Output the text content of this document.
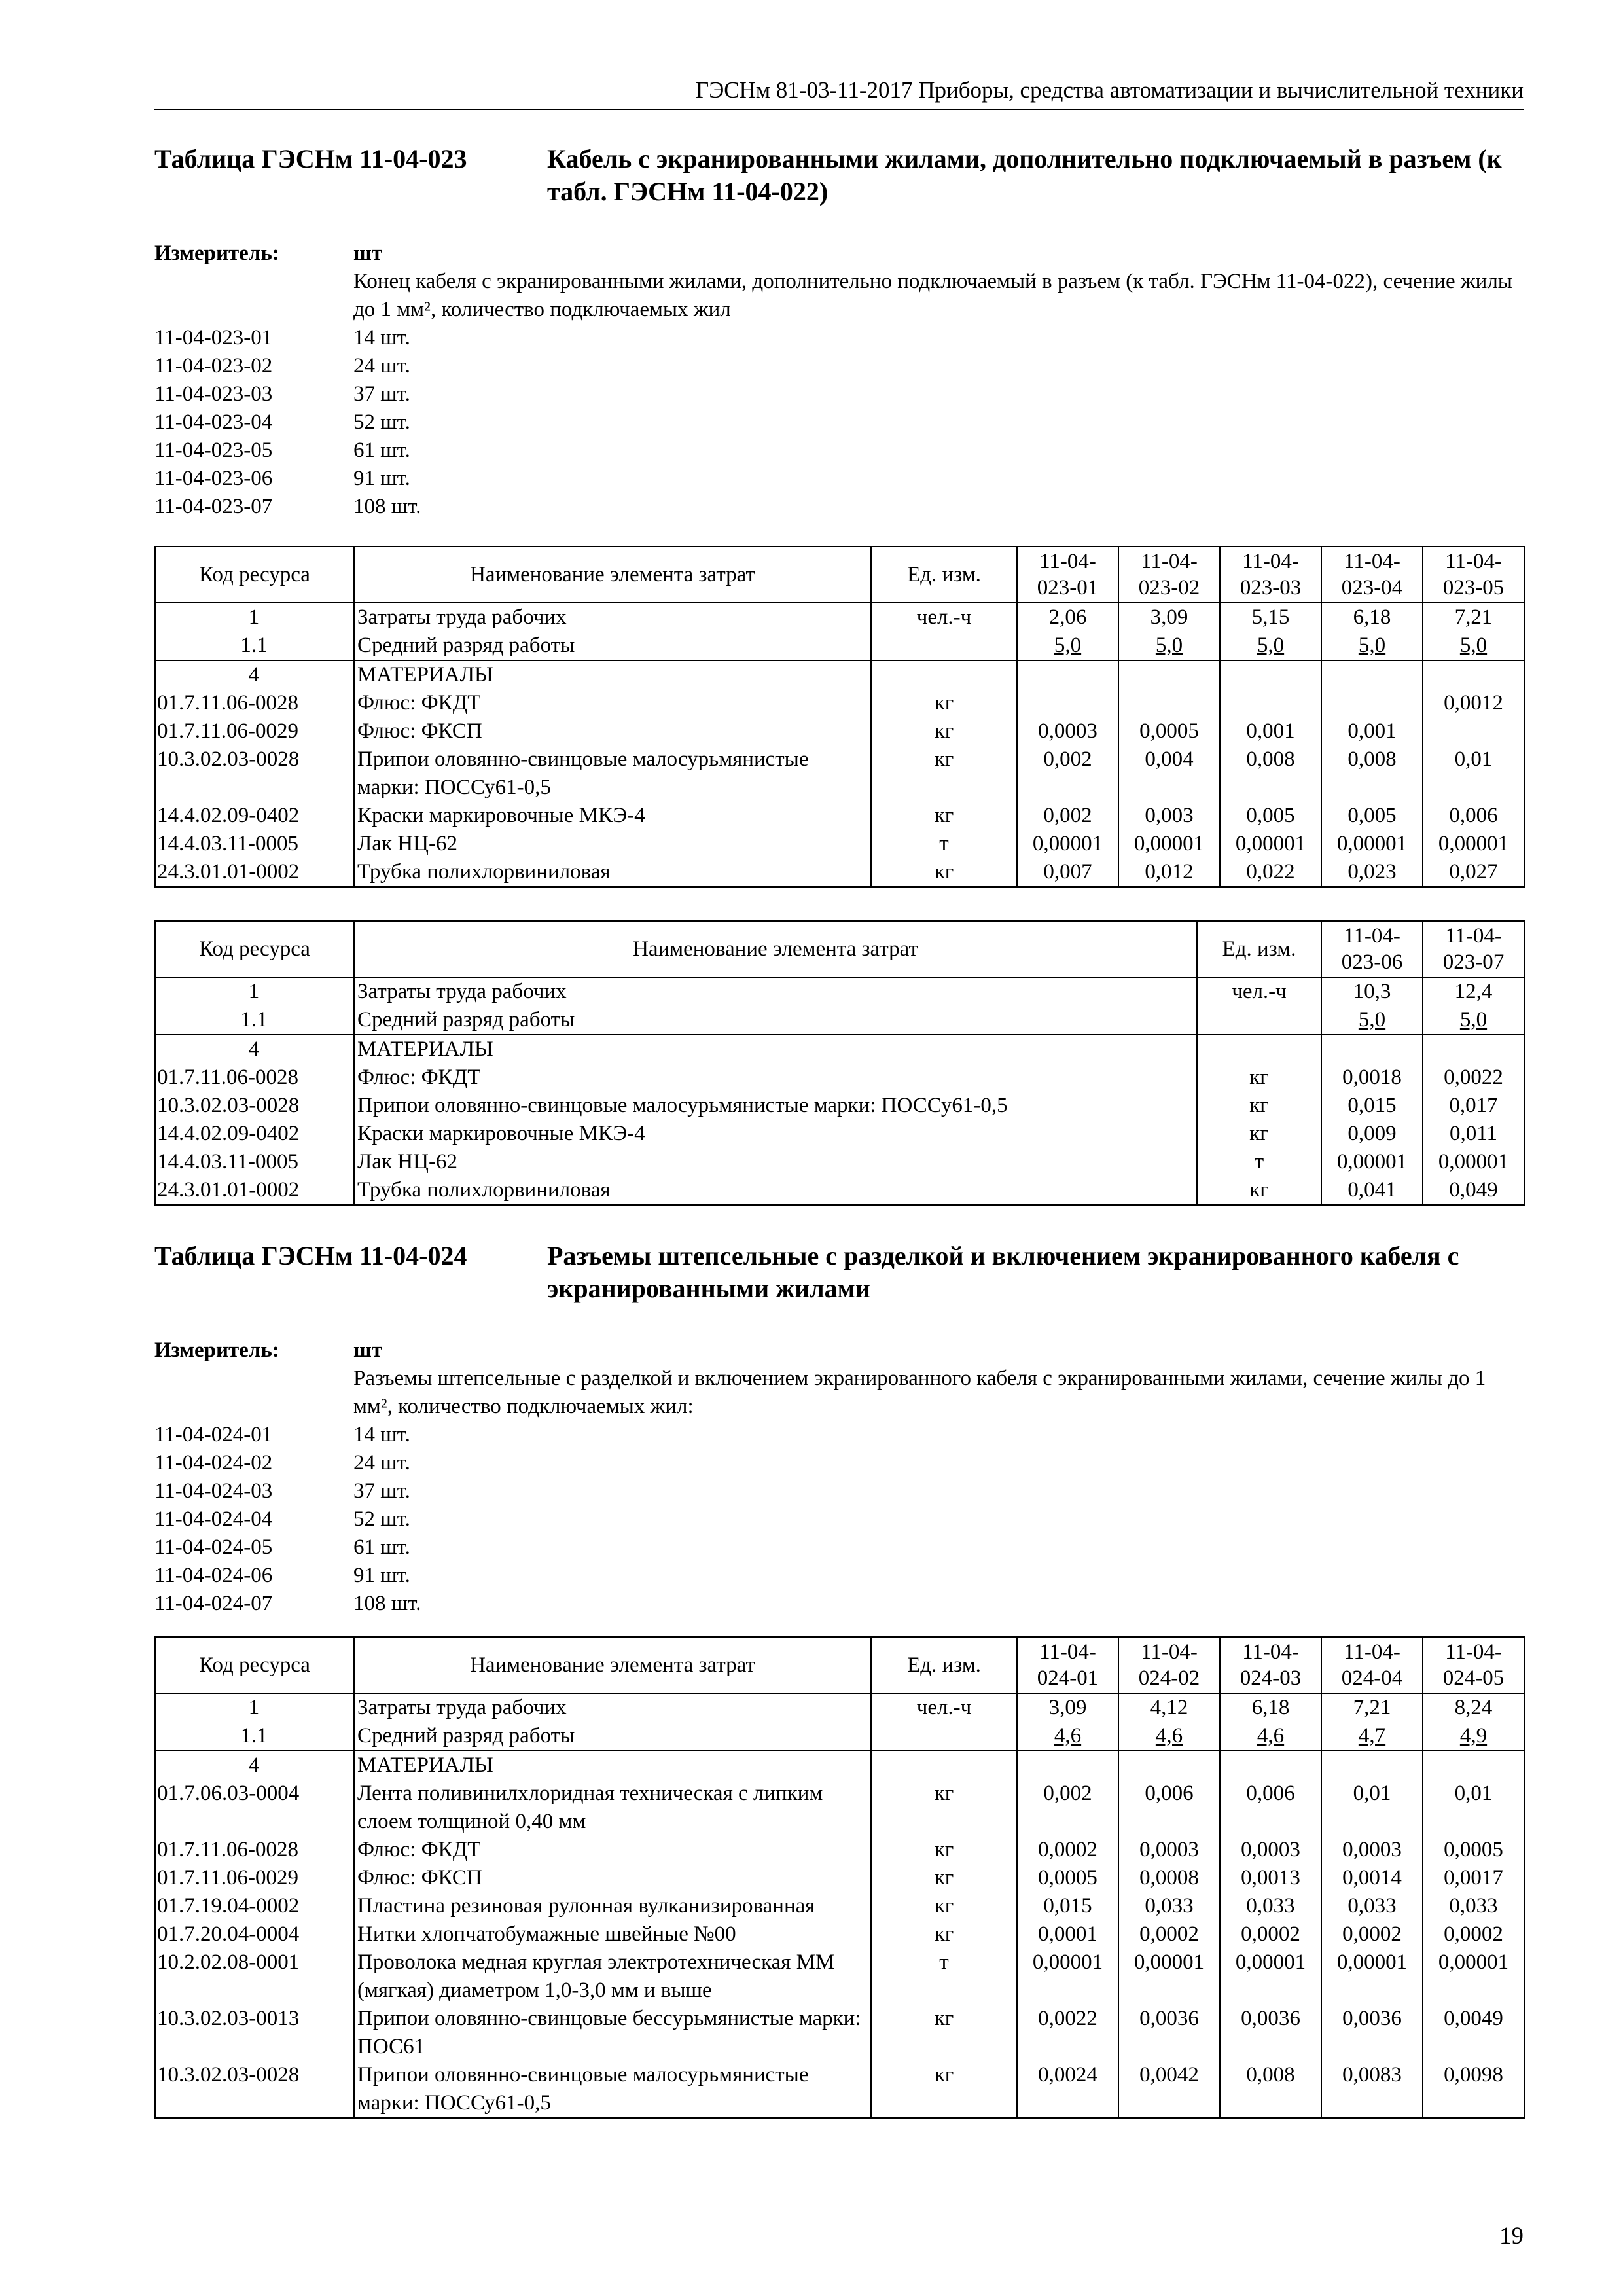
ГЭСНм 81-03-11-2017 Приборы, средства автоматизации и вычислительной техники
Таблица ГЭСНм 11-04-023	Кабель с экранированными жилами, дополнительно подключаемый в разъем (к табл. ГЭСНм 11-04-022)
Измеритель:	шт
Конец кабеля с экранированными жилами, дополнительно подключаемый в разъем (к табл. ГЭСНм 11-04-022), сечение жилы до 1 мм², количество подключаемых жил
11-04-023-01	14 шт.
11-04-023-02	24 шт.
11-04-023-03	37 шт.
11-04-023-04	52 шт.
11-04-023-05	61 шт.
11-04-023-06	91 шт.
11-04-023-07	108 шт.
Код ресурса	Наименование элемента затрат	Ед. изм.	11-04-023-01	11-04-023-02	11-04-023-03	11-04-023-04	11-04-023-05
1	Затраты труда рабочих	чел.-ч	2,06	3,09	5,15	6,18	7,21
1.1	Средний разряд работы		5,0	5,0	5,0	5,0	5,0
4	МАТЕРИАЛЫ						
01.7.11.06-0028	Флюс: ФКДТ	кг					0,0012
01.7.11.06-0029	Флюс: ФКСП	кг	0,0003	0,0005	0,001	0,001	
10.3.02.03-0028	Припои оловянно-свинцовые малосурьмянистые марки: ПОССу61-0,5	кг	0,002	0,004	0,008	0,008	0,01
14.4.02.09-0402	Краски маркировочные МКЭ-4	кг	0,002	0,003	0,005	0,005	0,006
14.4.03.11-0005	Лак НЦ-62	т	0,00001	0,00001	0,00001	0,00001	0,00001
24.3.01.01-0002	Трубка полихлорвиниловая	кг	0,007	0,012	0,022	0,023	0,027
Код ресурса	Наименование элемента затрат	Ед. изм.	11-04-023-06	11-04-023-07
1	Затраты труда рабочих	чел.-ч	10,3	12,4
1.1	Средний разряд работы		5,0	5,0
4	МАТЕРИАЛЫ			
01.7.11.06-0028	Флюс: ФКДТ	кг	0,0018	0,0022
10.3.02.03-0028	Припои оловянно-свинцовые малосурьмянистые марки: ПОССу61-0,5	кг	0,015	0,017
14.4.02.09-0402	Краски маркировочные МКЭ-4	кг	0,009	0,011
14.4.03.11-0005	Лак НЦ-62	т	0,00001	0,00001
24.3.01.01-0002	Трубка полихлорвиниловая	кг	0,041	0,049
Таблица ГЭСНм 11-04-024	Разъемы штепсельные с разделкой и включением экранированного кабеля с экранированными жилами
Измеритель:	шт
Разъемы штепсельные с разделкой и включением экранированного кабеля с экранированными жилами, сечение жилы до 1 мм², количество подключаемых жил:
11-04-024-01	14 шт.
11-04-024-02	24 шт.
11-04-024-03	37 шт.
11-04-024-04	52 шт.
11-04-024-05	61 шт.
11-04-024-06	91 шт.
11-04-024-07	108 шт.
Код ресурса	Наименование элемента затрат	Ед. изм.	11-04-024-01	11-04-024-02	11-04-024-03	11-04-024-04	11-04-024-05
1	Затраты труда рабочих	чел.-ч	3,09	4,12	6,18	7,21	8,24
1.1	Средний разряд работы		4,6	4,6	4,6	4,7	4,9
4	МАТЕРИАЛЫ						
01.7.06.03-0004	Лента поливинилхлоридная техническая с липким слоем толщиной 0,40 мм	кг	0,002	0,006	0,006	0,01	0,01
01.7.11.06-0028	Флюс: ФКДТ	кг	0,0002	0,0003	0,0003	0,0003	0,0005
01.7.11.06-0029	Флюс: ФКСП	кг	0,0005	0,0008	0,0013	0,0014	0,0017
01.7.19.04-0002	Пластина резиновая рулонная вулканизированная	кг	0,015	0,033	0,033	0,033	0,033
01.7.20.04-0004	Нитки хлопчатобумажные швейные №00	кг	0,0001	0,0002	0,0002	0,0002	0,0002
10.2.02.08-0001	Проволока медная круглая электротехническая ММ (мягкая) диаметром 1,0-3,0 мм и выше	т	0,00001	0,00001	0,00001	0,00001	0,00001
10.3.02.03-0013	Припои оловянно-свинцовые бессурьмянистые марки: ПОС61	кг	0,0022	0,0036	0,0036	0,0036	0,0049
10.3.02.03-0028	Припои оловянно-свинцовые малосурьмянистые марки: ПОССу61-0,5	кг	0,0024	0,0042	0,008	0,0083	0,0098
19
